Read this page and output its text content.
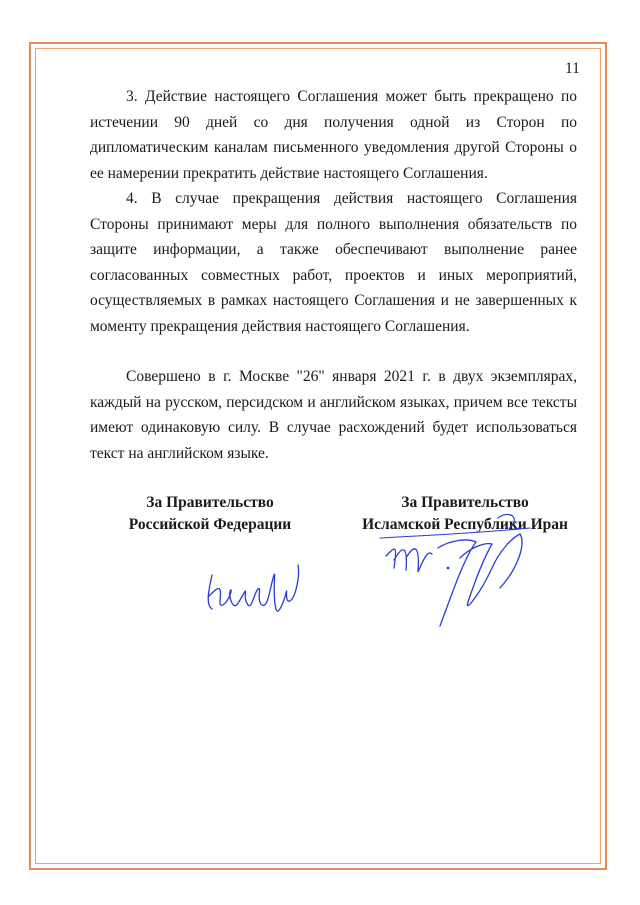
11

3. Действие настоящего Соглашения может быть прекращено по истечении 90 дней со дня получения одной из Сторон по дипломатическим каналам письменного уведомления другой Стороны о ее намерении прекратить действие настоящего Соглашения.

4. В случае прекращения действия настоящего Соглашения Стороны принимают меры для полного выполнения обязательств по защите информации, а также обеспечивают выполнение ранее согласованных совместных работ, проектов и иных мероприятий, осуществляемых в рамках настоящего Соглашения и не завершенных к моменту прекращения действия настоящего Соглашения.

Совершено в г. Москве "26" января 2021 г. в двух экземплярах, каждый на русском, персидском и английском языках, причем все тексты имеют одинаковую силу. В случае расхождений будет использоваться текст на английском языке.

За Правительство
Российской Федерации
За Правительство
Исламской Республики Иран
